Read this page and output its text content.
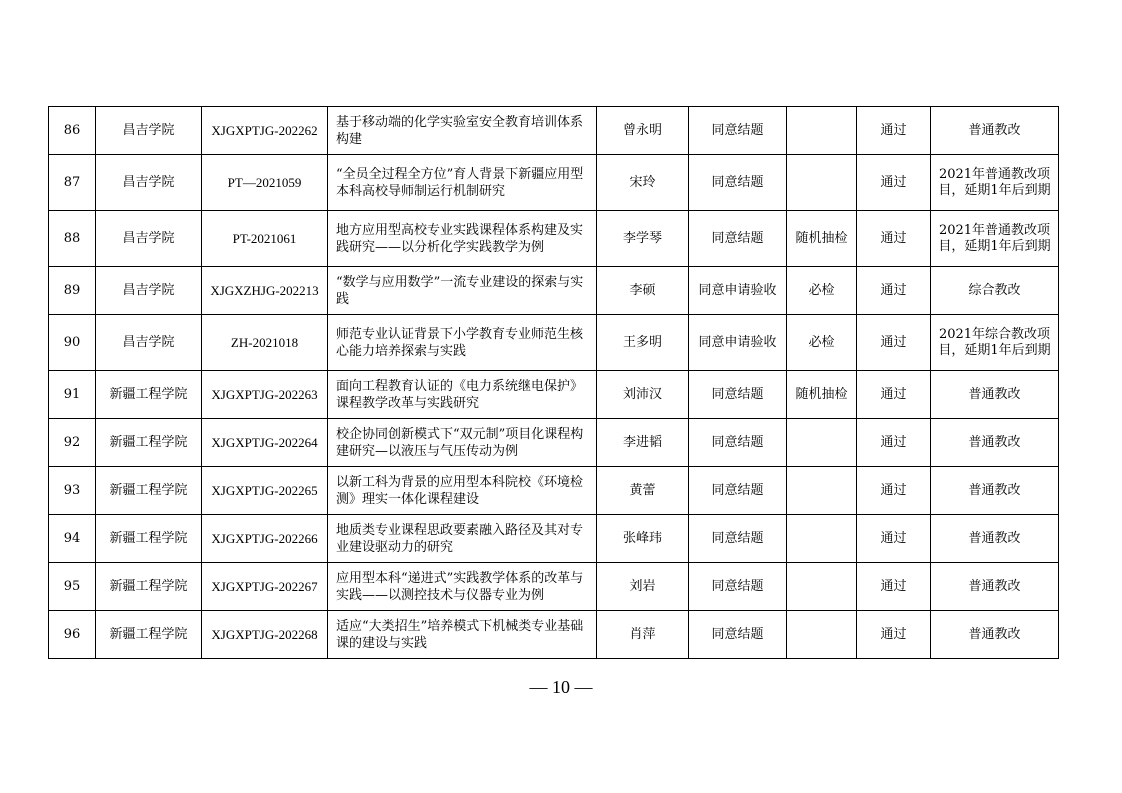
86	昌吉学院	XJGXPTJG-202262	基于移动端的化学实验室安全教育培训体系构建	曾永明	同意结题		通过	普通教改
87	昌吉学院	PT—2021059	“全员全过程全方位”育人背景下新疆应用型本科高校导师制运行机制研究	宋玲	同意结题		通过	2021年普通教改项目，延期1年后到期
88	昌吉学院	PT-2021061	地方应用型高校专业实践课程体系构建及实践研究——以分析化学实践教学为例	李学琴	同意结题	随机抽检	通过	2021年普通教改项目，延期1年后到期
89	昌吉学院	XJGXZHJG-202213	“数学与应用数学”一流专业建设的探索与实践	李硕	同意申请验收	必检	通过	综合教改
90	昌吉学院	ZH-2021018	师范专业认证背景下小学教育专业师范生核心能力培养探索与实践	王多明	同意申请验收	必检	通过	2021年综合教改项目，延期1年后到期
91	新疆工程学院	XJGXPTJG-202263	面向工程教育认证的《电力系统继电保护》课程教学改革与实践研究	刘沛汉	同意结题	随机抽检	通过	普通教改
92	新疆工程学院	XJGXPTJG-202264	校企协同创新模式下“双元制”项目化课程构建研究—以液压与气压传动为例	李进韬	同意结题		通过	普通教改
93	新疆工程学院	XJGXPTJG-202265	以新工科为背景的应用型本科院校《环境检测》理实一体化课程建设	黄蕾	同意结题		通过	普通教改
94	新疆工程学院	XJGXPTJG-202266	地质类专业课程思政要素融入路径及其对专业建设驱动力的研究	张峰玮	同意结题		通过	普通教改
95	新疆工程学院	XJGXPTJG-202267	应用型本科“递进式”实践教学体系的改革与实践——以测控技术与仪器专业为例	刘岩	同意结题		通过	普通教改
96	新疆工程学院	XJGXPTJG-202268	适应“大类招生”培养模式下机械类专业基础课的建设与实践	肖萍	同意结题		通过	普通教改
— 10 —
